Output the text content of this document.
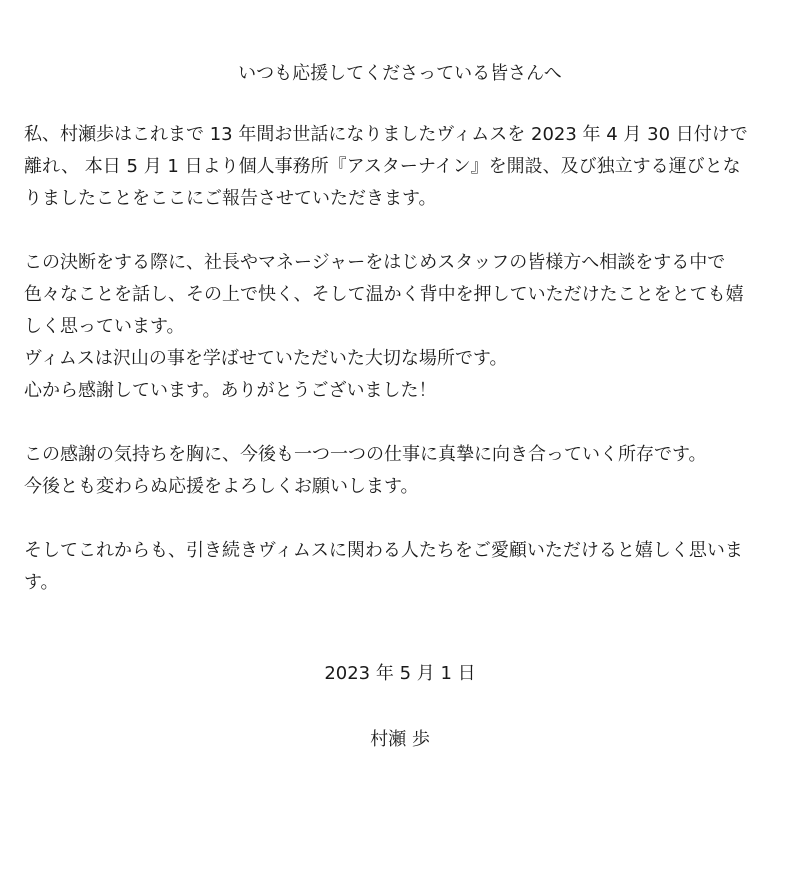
いつも応援してくださっている皆さんへ
私、村瀬歩はこれまで 13 年間お世話になりましたヴィムスを 2023 年 4 月 30 日付けで
離れ、 本日 5 月 1 日より個人事務所『アスターナイン』を開設、及び独立する運びとな
りましたことをここにご報告させていただきます。
この決断をする際に、社長やマネージャーをはじめスタッフの皆様方へ相談をする中で
色々なことを話し、その上で快く、そして温かく背中を押していただけたことをとても嬉
しく思っています。
ヴィムスは沢山の事を学ばせていただいた大切な場所です。
心から感謝しています。ありがとうございました！
この感謝の気持ちを胸に、今後も一つ一つの仕事に真摯に向き合っていく所存です。
今後とも変わらぬ応援をよろしくお願いします。
そしてこれからも、引き続きヴィムスに関わる人たちをご愛顧いただけると嬉しく思いま
す。
2023 年 5 月 1 日
村瀬 歩
